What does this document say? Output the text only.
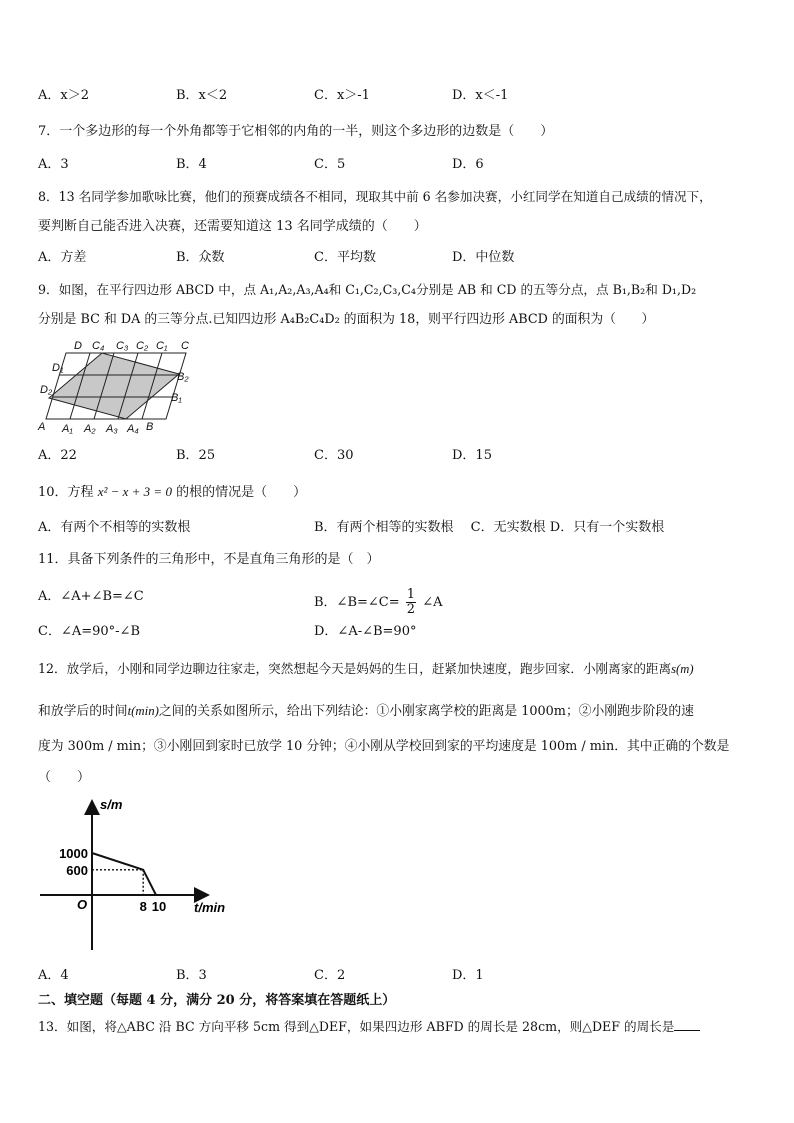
A．x＞2	B．x＜2	C．x＞-1	D．x＜-1
7．一个多边形的每一个外角都等于它相邻的内角的一半，则这个多边形的边数是（　　）
A．3	B．4	C．5	D．6
8．13 名同学参加歌咏比赛，他们的预赛成绩各不相同，现取其中前 6 名参加决赛，小红同学在知道自己成绩的情况下，
要判断自己能否进入决赛，还需要知道这 13 名同学成绩的（　　）
A．方差	B．众数	C．平均数	D．中位数
9．如图，在平行四边形 ABCD 中，点 A₁,A₂,A₃,A₄和 C₁,C₂,C₃,C₄分别是 AB 和 CD 的五等分点，点 B₁,B₂和 D₁,D₂
分别是 BC 和 DA 的三等分点.已知四边形 A₄B₂C₄D₂ 的面积为 18，则平行四边形 ABCD 的面积为（　　）
D C₄ C₃ C₂ C₁ C
D₁
D₂
B₂
B₁
A A₁ A₂ A₃ A₄ B
A．22	B．25	C．30	D．15
10．方程 x² − x + 3 = 0 的根的情况是（　　）
A．有两个不相等的实数根	B．有两个相等的实数根　 C．无实数根 D．只有一个实数根
11．具备下列条件的三角形中，不是直角三角形的是（　）
A．∠A+∠B=∠C	B．∠B=∠C= $\frac{1}{2}$ ∠A
C．∠A=90°-∠B	D．∠A-∠B=90°
12．放学后，小刚和同学边聊边往家走，突然想起今天是妈妈的生日，赶紧加快速度，跑步回家．小刚离家的距离s(m)
和放学后的时间t(min)之间的关系如图所示，给出下列结论：①小刚家离学校的距离是 1000m；②小刚跑步阶段的速
度为 300m / min；③小刚回到家时已放学 10 分钟；④小刚从学校回到家的平均速度是 100m / min．其中正确的个数是
（　　）
s/m
t/min
O
1000
600
8 10
A．4	B．3	C．2	D．1
二、填空题（每题 4 分，满分 20 分，将答案填在答题纸上）
13．如图，将△ABC 沿 BC 方向平移 5cm 得到△DEF，如果四边形 ABFD 的周长是 28cm，则△DEF 的周长是
